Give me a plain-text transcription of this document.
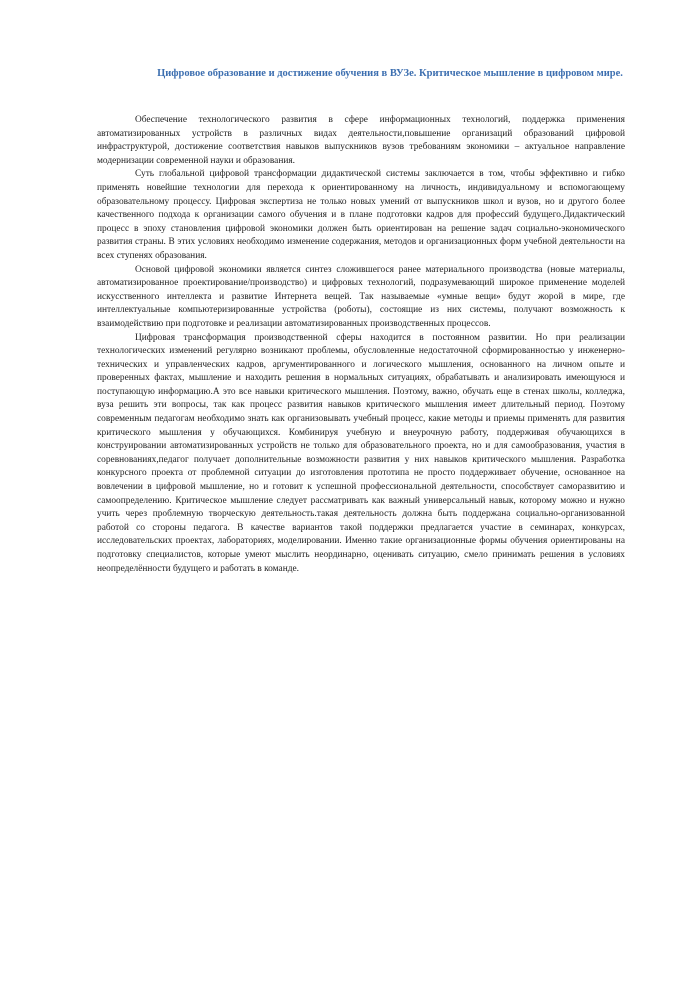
Цифровое образование и достижение обучения в ВУЗе. Критическое мышление в цифровом мире.

Обеспечение технологического развития в сфере информационных технологий, поддержка применения автоматизированных устройств в различных видах деятельности,повышение организаций образований цифровой инфраструктурой, достижение соответствия навыков выпускников вузов требованиям экономики – актуальное направление модернизации современной науки и образования.

Суть глобальной цифровой трансформации дидактической системы заключается в том, чтобы эффективно и гибко применять новейшие технологии для перехода к ориентированному на личность, индивидуальному и вспомогающему образовательному процессу. Цифровая экспертиза не только новых умений от выпускников школ и вузов, но и другого более качественного подхода к организации самого обучения и в плане подготовки кадров для профессий будущего.Дидактический процесс в эпоху становления цифровой экономики должен быть ориентирован на решение задач социально-экономического развития страны. В этих условиях необходимо изменение содержания, методов и организационных форм учебной деятельности на всех ступенях образования.

Основой цифровой экономики является синтез сложившегося ранее материального производства (новые материалы, автоматизированное проектирование/производство) и цифровых технологий, подразумевающий широкое применение моделей искусственного интеллекта и развитие Интернета вещей. Так называемые «умные вещи» будут жорой в мире, где интеллектуальные компьютеризированные устройства (роботы), состоящие из них системы, получают возможность к взаимодействию при подготовке и реализации автоматизированных производственных процессов.

Цифровая трансформация производственной сферы находится в постоянном развитии. Но при реализации технологических изменений регулярно возникают проблемы, обусловленные недостаточной сформированностью у инженерно-технических и управленческих кадров, аргументированного и логического мышления, основанного на личном опыте и проверенных фактах, мышление и находить решения в нормальных ситуациях, обрабатывать и анализировать имеющуюся и поступающую информацию.А это все навыки критического мышления. Поэтому, важно, обучать еще в стенах школы, колледжа, вуза решить эти вопросы, так как процесс развития навыков критического мышления имеет длительный период. Поэтому современным педагогам необходимо знать как организовывать учебный процесс, какие методы и приемы применять для развития критического мышления у обучающихся. Комбинируя учебную и внеурочную работу, поддерживая обучающихся в конструировании автоматизированных устройств не только для образовательного проекта, но и для самообразования, участия в соревнованиях,педагог получает дополнительные возможности развития у них навыков критического мышления. Разработка конкурсного проекта от проблемной ситуации до изготовления прототипа не просто поддерживает обучение, основанное на вовлечении в цифровой мышление, но и готовит к успешной профессиональной деятельности, способствует саморазвитию и самоопределению. Критическое мышление следует рассматривать как важный универсальный навык, которому можно и нужно учить через проблемную творческую деятельность.такая деятельность должна быть поддержана социально-организованной работой со стороны педагога. В качестве вариантов такой поддержки предлагается участие в семинарах, конкурсах, исследовательских проектах, лабораториях, моделировании. Именно такие организационные формы обучения ориентированы на подготовку специалистов, которые умеют мыслить неординарно, оценивать ситуацию, смело принимать решения в условиях неопределённости будущего и работать в команде.
